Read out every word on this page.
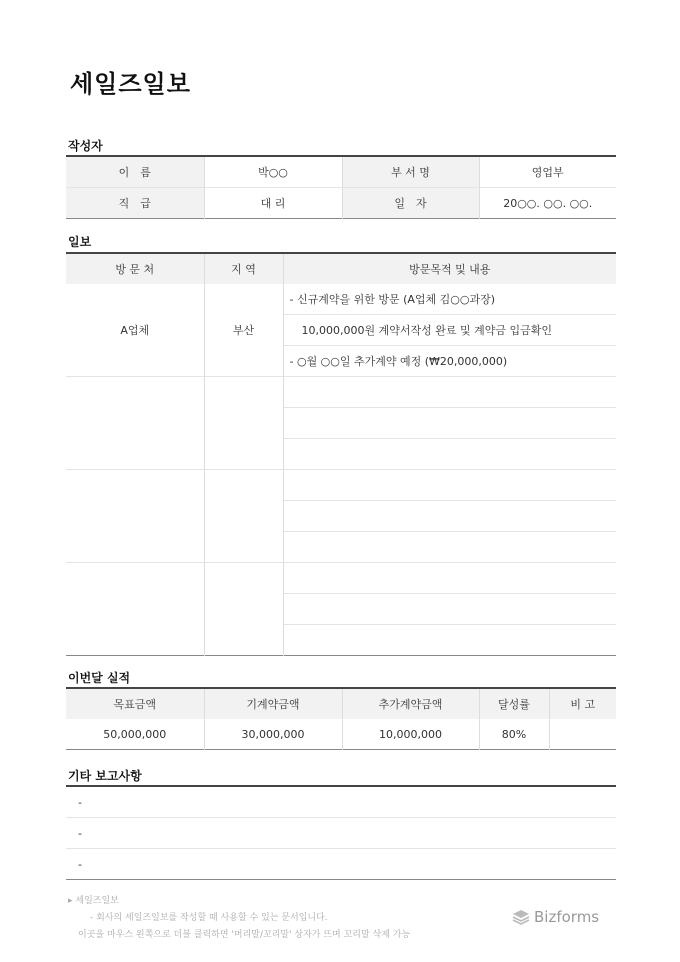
세일즈일보
작성자
이　름	박○○	부 서 명	영업부
직　급	대 리	일　자	20○○. ○○. ○○.
일보
방 문 처	지 역	방문목적 및 내용
A업체	부산	- 신규계약을 위한 방문 (A업체 김○○과장)
		10,000,000원 계약서작성 완료 및 계약금 입금확인
		- ○월 ○○일 추가계약 예정 (₩20,000,000)

이번달 실적
목표금액	기계약금액	추가계약금액	달성률	비 고
50,000,000	30,000,000	10,000,000	80%	
기타 보고사항
-
-
-
▸ 세일즈일보
- 회사의 세일즈일보를 작성할 때 사용할 수 있는 문서입니다.
이곳을 마우스 왼쪽으로 더블 클릭하면 '머리말/꼬리말' 상자가 뜨며 꼬리말 삭제 가능
Bizforms
